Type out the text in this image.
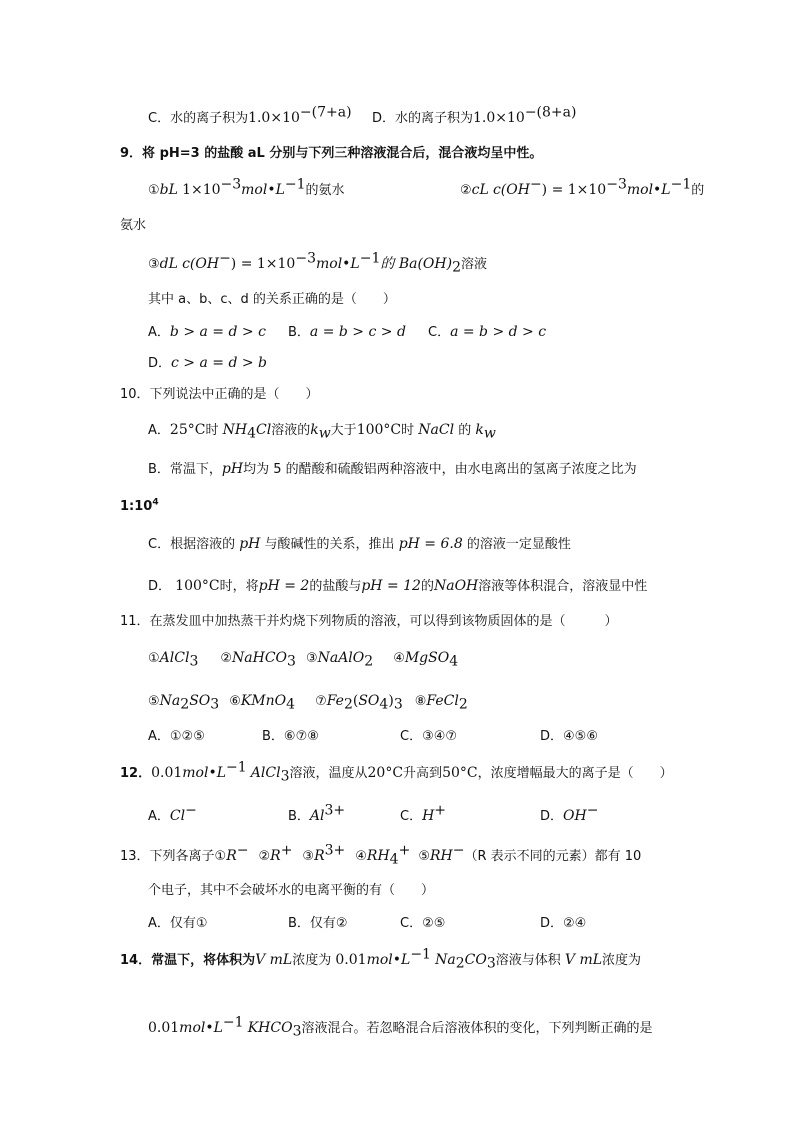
C．水的离子积为$1.0\times 10^{-(7+a)}$ D．水的离子积为$1.0\times 10^{-(8+a)}$
9．将 pH=3 的盐酸 aL 分别与下列三种溶液混合后，混合液均呈中性。
①bL $1\times 10^{-3}mol•L^{-1}$的氨水	②cL $c(OH^-) = 1\times 10^{-3}mol•L^{-1}$的
氨水
③dL $c(OH^-) = 1\times 10^{-3}mol•L^{-1}$的 $Ba(OH)_2$溶液
其中 a、b、c、d 的关系正确的是（　　）
A．b > a = d > c B．a = b > c > d C．a = b > d > c
D．c > a = d > b
10．下列说法中正确的是（　　）
A．25°C时 $NH_4Cl$溶液的$k_w$大于100°C时 NaCl 的 $k_w$
B．常温下，pH均为 5 的醋酸和硫酸铝两种溶液中，由水电离出的氢离子浓度之比为
$1:10^4$
C．根据溶液的 pH 与酸碱性的关系，推出 pH = 6.8 的溶液一定显酸性
D． 100°C时，将pH = 2的盐酸与pH = 12的NaOH溶液等体积混合，溶液显中性
11．在蒸发皿中加热蒸干并灼烧下列物质的溶液，可以得到该物质固体的是（　　　）
①AlCl$_3$ ②NaHCO$_3$ ③NaAlO$_2$ ④MgSO$_4$
$⑤Na_2SO_3$ ⑥KMnO$_4$ $⑦Fe_2(SO_4)_3$ ⑧FeCl$_2$
A．①②⑤	B．⑥⑦⑧	C．③④⑦	D．④⑤⑥
12．$0.01mol•L^{-1}$ AlCl$_3$溶液，温度从20°C升高到50°C，浓度增幅最大的离子是（　　）
A．Cl−	B．$Al^{3+}$	C．H+	D．OH−
13．下列各离子①R− ②R+ $③R^{3+}$ $④RH_4^+$ ⑤RH−（R 表示不同的元素）都有 10
个电子，其中不会破坏水的电离平衡的有（　　）
A．仅有①	B．仅有②	C．②⑤	D．②④
14．常温下，将体积为V mL浓度为 $0.01mol•L^{-1}$ $Na_2CO_3$溶液与体积 V mL浓度为
$0.01mol•L^{-1}$ $KHCO_3$溶液混合。若忽略混合后溶液体积的变化，下列判断正确的是
